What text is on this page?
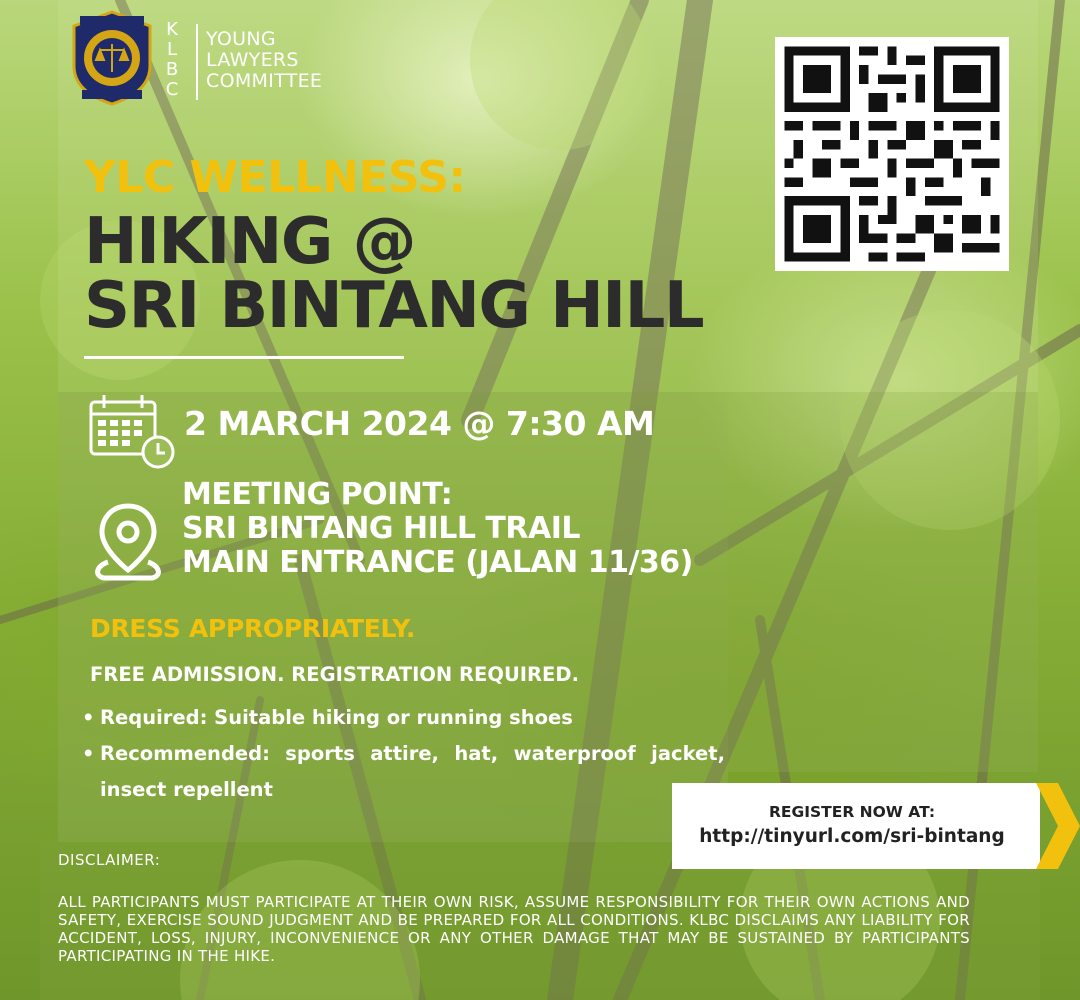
K
L
B
C
YOUNG
LAWYERS
COMMITTEE
YLC WELLNESS:
HIKING @
SRI BINTANG HILL
2 MARCH 2024 @ 7:30 AM
MEETING POINT:
SRI BINTANG HILL TRAIL
MAIN ENTRANCE (JALAN 11/36)
DRESS APPROPRIATELY.
FREE ADMISSION. REGISTRATION REQUIRED.
• Required: Suitable hiking or running shoes
• Recommended: sports attire, hat, waterproof jacket, insect repellent
REGISTER NOW AT:
http://tinyurl.com/sri-bintang
DISCLAIMER:
ALL PARTICIPANTS MUST PARTICIPATE AT THEIR OWN RISK, ASSUME RESPONSIBILITY FOR THEIR OWN ACTIONS AND SAFETY, EXERCISE SOUND JUDGMENT AND BE PREPARED FOR ALL CONDITIONS. KLBC DISCLAIMS ANY LIABILITY FOR ACCIDENT, LOSS, INJURY, INCONVENIENCE OR ANY OTHER DAMAGE THAT MAY BE SUSTAINED BY PARTICIPANTS PARTICIPATING IN THE HIKE.
